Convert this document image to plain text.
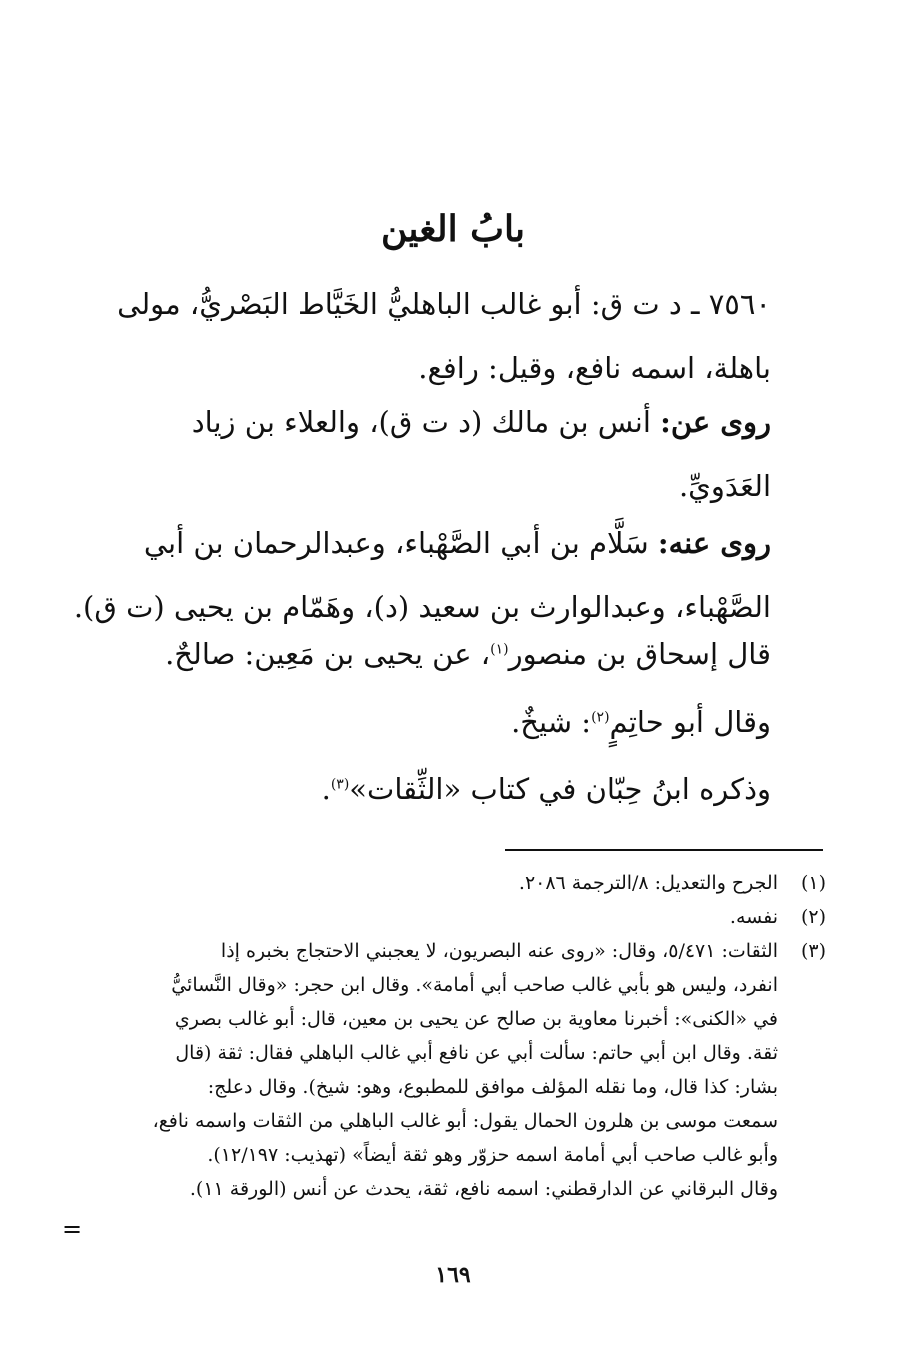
بابُ الغين

٧٥٦٠ ـ د ت ق: أبو غالب الباهليُّ الخَيَّاط البَصْريُّ، مولى

باهلة، اسمه نافع، وقيل: رافع.

روى عن: أنس بن مالك (د ت ق)، والعلاء بن زياد

العَدَويِّ.

روى عنه: سَلَّام بن أبي الصَّهْباء، وعبدالرحمان بن أبي

الصَّهْباء، وعبدالوارث بن سعيد (د)، وهَمّام بن يحيى (ت ق).

قال إسحاق بن منصور$^{(١)}$، عن يحيى بن مَعِين: صالحٌ.

وقال أبو حاتِمٍ$^{(٢)}$: شيخٌ.

وذكره ابنُ حِبّان في كتاب «الثِّقات»$^{(٣)}$.

(١)
الجرح والتعديل: ٨/الترجمة ٢٠٨٦.
(٢)
نفسه.
(٣)
الثقات: ٥/٤٧١، وقال: «روى عنه البصريون، لا يعجبني الاحتجاج بخبره إذا
انفرد، وليس هو بأبي غالب صاحب أبي أمامة». وقال ابن حجر: «وقال النَّسائيُّ
في «الكنى»: أخبرنا معاوية بن صالح عن يحيى بن معين، قال: أبو غالب بصري
ثقة. وقال ابن أبي حاتم: سألت أبي عن نافع أبي غالب الباهلي فقال: ثقة (قال
بشار: كذا قال، وما نقله المؤلف موافق للمطبوع، وهو: شيخ). وقال دعلج:
سمعت موسى بن هلرون الحمال يقول: أبو غالب الباهلي من الثقات واسمه نافع،
وأبو غالب صاحب أبي أمامة اسمه حزوّر وهو ثقة أيضاً» (تهذيب: ١٢/١٩٧).
وقال البرقاني عن الدارقطني: اسمه نافع، ثقة، يحدث عن أنس (الورقة ١١).
=
١٦٩
